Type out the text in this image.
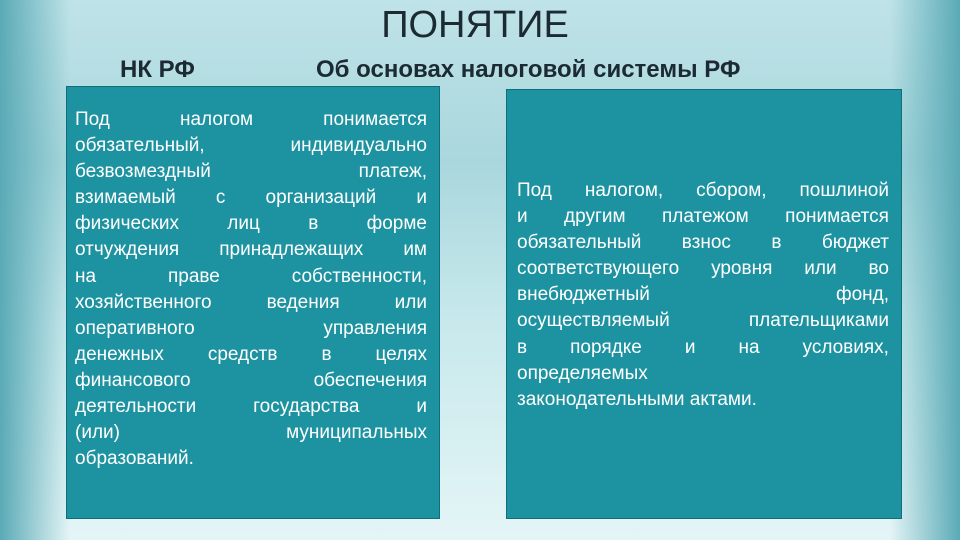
ПОНЯТИЕ
НК РФ	Об основах налоговой системы РФ
Под	налогом	понимается
обязательный,	индивидуально
безвозмездный	платеж,
взимаемый с организаций и
физических	лиц	в	форме
отчуждения принадлежащих им
на	праве	собственности,
хозяйственного	ведения	или
оперативного	управления
денежных средств в целях
финансового	обеспечения
деятельности	государства	и
(или)	муниципальных
образований.
Под налогом, сбором, пошлиной
и другим платежом понимается
обязательный взнос в бюджет
соответствующего уровня или во
внебюджетный	фонд,
осуществляемый	плательщиками
в порядке и на условиях,
определяемых
законодательными
актами.
